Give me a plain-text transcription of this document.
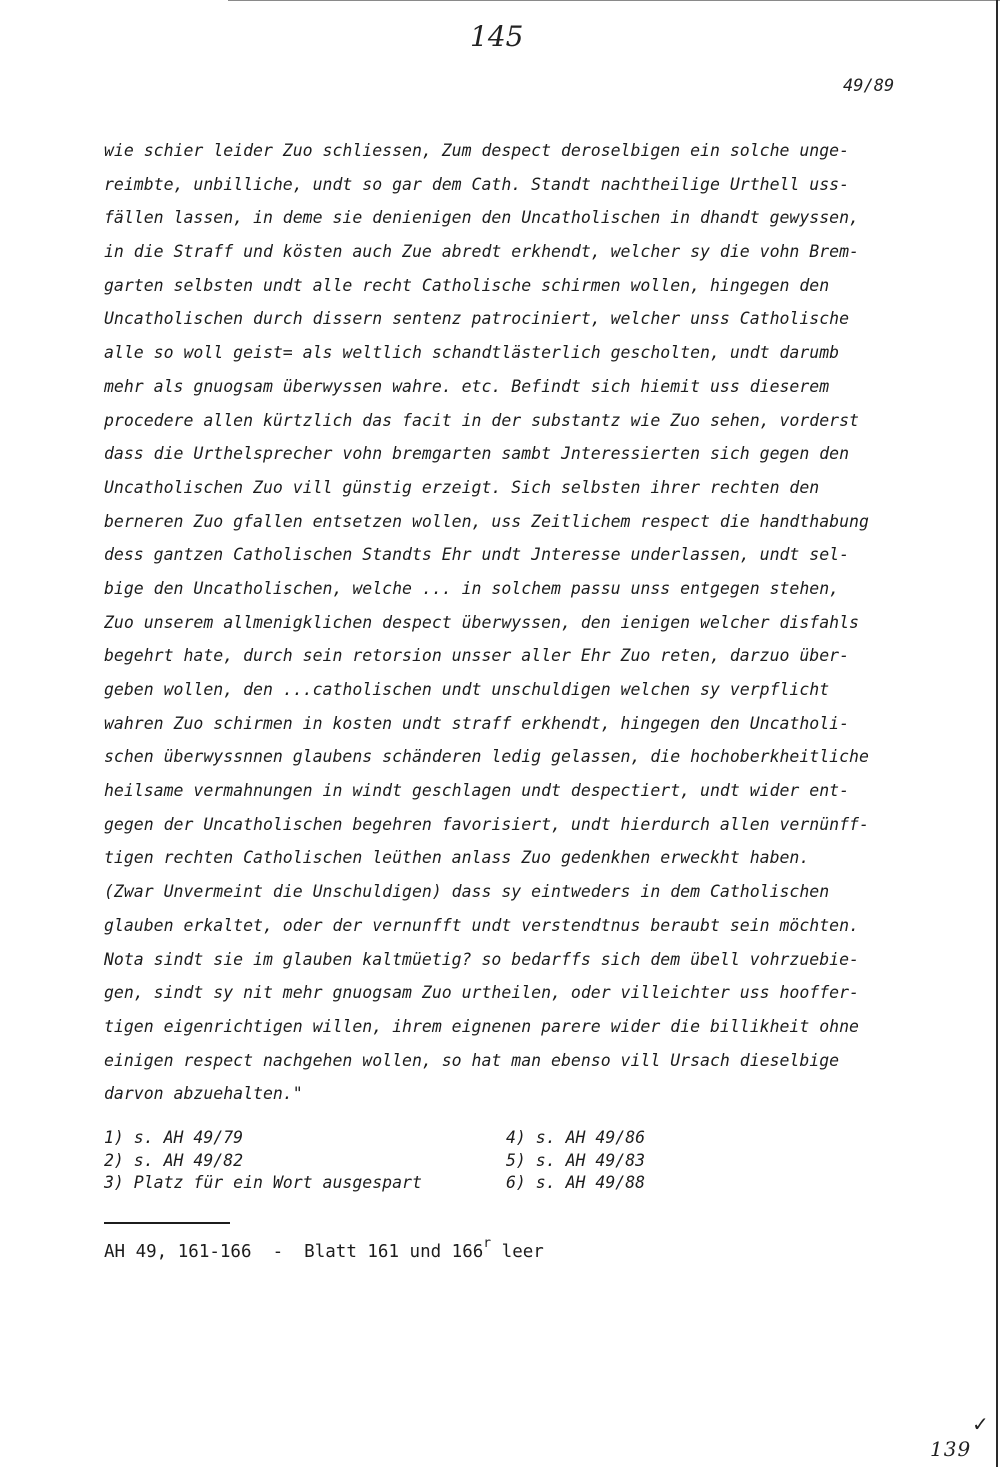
145
49/89
wie schier leider Zuo schliessen, Zum despect deroselbigen ein solche unge-
reimbte, unbilliche, undt so gar dem Cath. Standt nachtheilige Urthell uss-
fällen lassen, in deme sie denienigen den Uncatholischen in dhandt gewyssen,
in die Straff und kösten auch Zue abredt erkhendt, welcher sy die vohn Brem-
garten selbsten undt alle recht Catholische schirmen wollen, hingegen den
Uncatholischen durch dissern sentenz patrociniert, welcher unss Catholische
alle so woll geist= als weltlich schandtlästerlich gescholten, undt darumb
mehr als gnuogsam überwyssen wahre. etc. Befindt sich hiemit uss dieserem
procedere allen kürtzlich das facit in der substantz wie Zuo sehen, vorderst
dass die Urthelsprecher vohn bremgarten sambt Jnteressierten sich gegen den
Uncatholischen Zuo vill günstig erzeigt. Sich selbsten ihrer rechten den
berneren Zuo gfallen entsetzen wollen, uss Zeitlichem respect die handthabung
dess gantzen Catholischen Standts Ehr undt Jnteresse underlassen, undt sel-
bige den Uncatholischen, welche ... in solchem passu unss entgegen stehen,
Zuo unserem allmenigklichen despect überwyssen, den ienigen welcher disfahls
begehrt hate, durch sein retorsion unsser aller Ehr Zuo reten, darzuo über-
geben wollen, den ...catholischen undt unschuldigen welchen sy verpflicht
wahren Zuo schirmen in kosten undt straff erkhendt, hingegen den Uncatholi-
schen überwyssnnen glaubens schänderen ledig gelassen, die hochoberkheitliche
heilsame vermahnungen in windt geschlagen undt despectiert, undt wider ent-
gegen der Uncatholischen begehren favorisiert, undt hierdurch allen vernünff-
tigen rechten Catholischen leüthen anlass Zuo gedenkhen erweckht haben.
(Zwar Unvermeint die Unschuldigen) dass sy eintweders in dem Catholischen
glauben erkaltet, oder der vernunfft undt verstendtnus beraubt sein möchten.
Nota sindt sie im glauben kaltmüetig? so bedarffs sich dem übell vohrzuebie-
gen, sindt sy nit mehr gnuogsam Zuo urtheilen, oder villeichter uss hooffer-
tigen eigenrichtigen willen, ihrem eignenen parere wider die billikheit ohne
einigen respect nachgehen wollen, so hat man ebenso vill Ursach dieselbige
darvon abzuehalten."
1) s. AH 49/79
2) s. AH 49/82
3) Platz für ein Wort ausgespart
4) s. AH 49/86
5) s. AH 49/83
6) s. AH 49/88
AH 49, 161-166  -  Blatt 161 und 166$^r$ leer
✓
139
